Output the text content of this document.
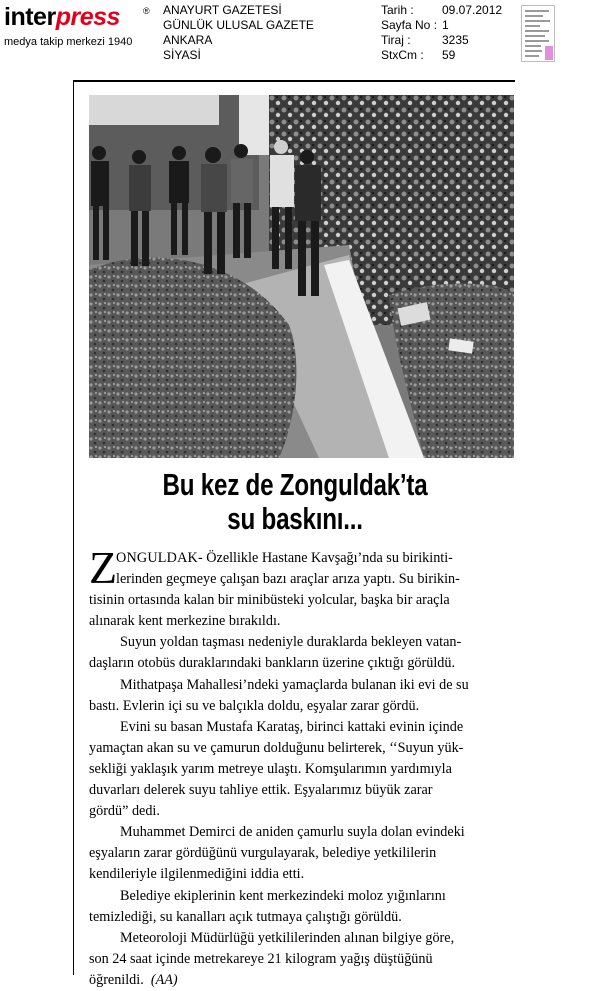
interpress	®
medya takip merkezi 1940
ANAYURT GAZETESİ
GÜNLÜK ULUSAL GAZETE
ANKARA
SİYASİ
Tarih : 09.07.2012
Sayfa No : 1
Tiraj :	3235
StxCm : 59
Bu kez de Zonguldak’ta
su baskını...
Z
ONGULDAK- Özellikle Hastane Kavşağı’nda su birikinti-
lerinden geçmeye çalışan bazı araçlar arıza yaptı. Su birikin-
tisinin ortasında kalan bir minibüsteki yolcular, başka bir araçla
alınarak kent merkezine bırakıldı.
Suyun yoldan taşması nedeniyle duraklarda bekleyen vatan-
daşların otobüs duraklarındaki bankların üzerine çıktığı görüldü.
Mithatpaşa Mahallesi’ndeki yamaçlarda bulanan iki evi de su
bastı. Evlerin içi su ve balçıkla doldu, eşyalar zarar gördü.
Evini su basan Mustafa Karataş, birinci kattaki evinin içinde
yamaçtan akan su ve çamurun dolduğunu belirterek, ‘‘Suyun yük-
sekliği yaklaşık yarım metreye ulaştı. Komşularımın yardımıyla
duvarları delerek suyu tahliye ettik. Eşyalarımız büyük zarar
gördü” dedi.
Muhammet Demirci de aniden çamurlu suyla dolan evindeki
eşyaların zarar gördüğünü vurgulayarak, belediye yetkililerin
kendileriyle ilgilenmediğini iddia etti.
Belediye ekiplerinin kent merkezindeki moloz yığınlarını
temizlediği, su kanalları açık tutmaya çalıştığı görüldü.
Meteoroloji Müdürlüğü yetkililerinden alınan bilgiye göre,
son 24 saat içinde metrekareye 21 kilogram yağış düştüğünü
öğrenildi. (AA)
